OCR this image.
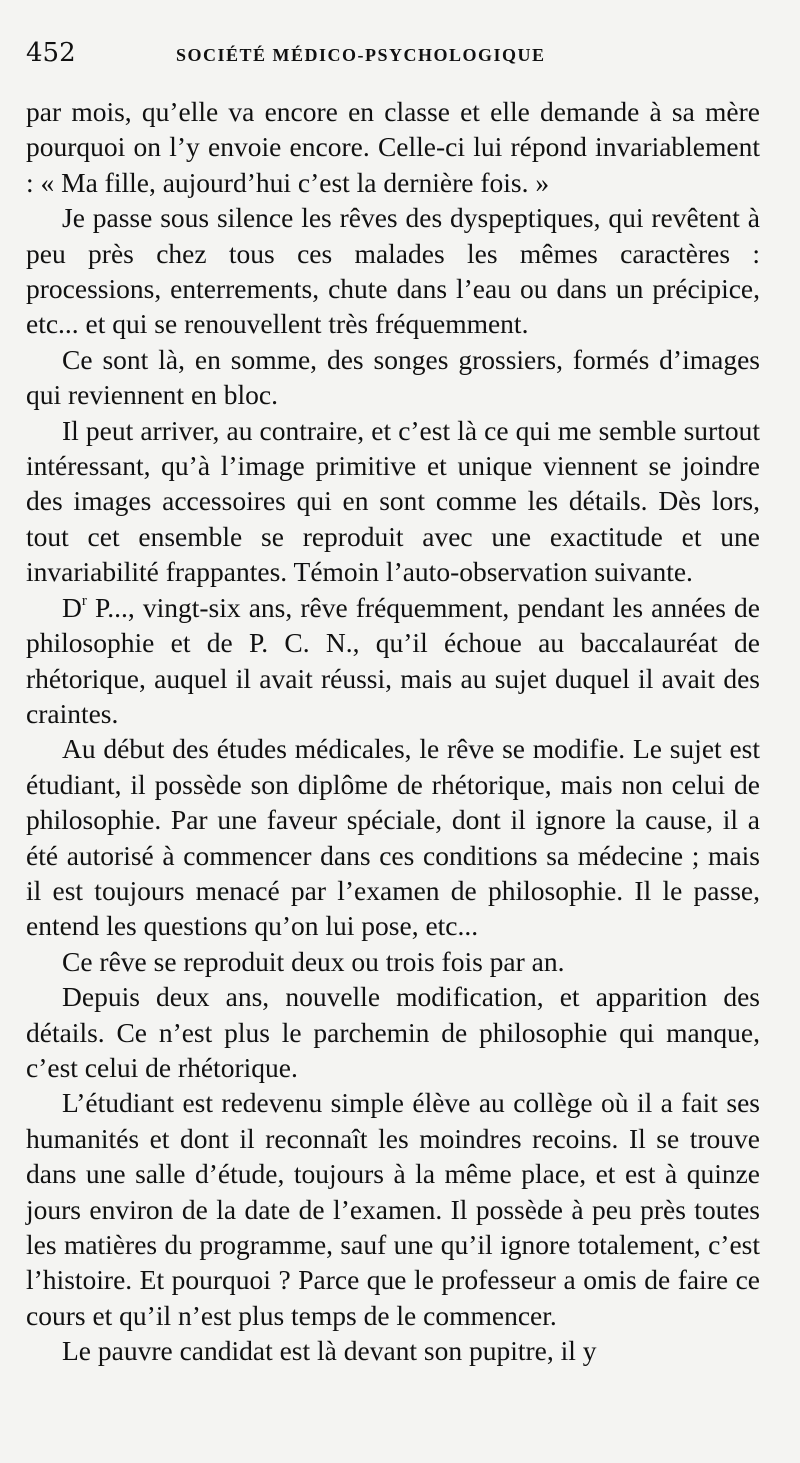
452	SOCIÉTÉ MÉDICO-PSYCHOLOGIQUE

par mois, qu’elle va encore en classe et elle demande à sa mère pourquoi on l’y envoie encore. Celle-ci lui répond invariablement : « Ma fille, aujourd’hui c’est la dernière fois. »

Je passe sous silence les rêves des dyspeptiques, qui revêtent à peu près chez tous ces malades les mêmes caractères : processions, enterrements, chute dans l’eau ou dans un précipice, etc... et qui se renouvellent très fréquemment.

Ce sont là, en somme, des songes grossiers, formés d’images qui reviennent en bloc.

Il peut arriver, au contraire, et c’est là ce qui me semble surtout intéressant, qu’à l’image primitive et unique viennent se joindre des images accessoires qui en sont comme les détails. Dès lors, tout cet ensemble se reproduit avec une exactitude et une invariabilité frappantes. Témoin l’auto-observation suivante.

$D^r$ P..., vingt-six ans, rêve fréquemment, pendant les années de philosophie et de P. C. N., qu’il échoue au baccalauréat de rhétorique, auquel il avait réussi, mais au sujet duquel il avait des craintes.

Au début des études médicales, le rêve se modifie. Le sujet est étudiant, il possède son diplôme de rhétorique, mais non celui de philosophie. Par une faveur spéciale, dont il ignore la cause, il a été autorisé à commencer dans ces conditions sa médecine ; mais il est toujours menacé par l’examen de philosophie. Il le passe, entend les questions qu’on lui pose, etc...

Ce rêve se reproduit deux ou trois fois par an.

Depuis deux ans, nouvelle modification, et apparition des détails. Ce n’est plus le parchemin de philosophie qui manque, c’est celui de rhétorique.

L’étudiant est redevenu simple élève au collège où il a fait ses humanités et dont il reconnaît les moindres recoins. Il se trouve dans une salle d’étude, toujours à la même place, et est à quinze jours environ de la date de l’examen. Il possède à peu près toutes les matières du programme, sauf une qu’il ignore totalement, c’est l’histoire. Et pourquoi ? Parce que le professeur a omis de faire ce cours et qu’il n’est plus temps de le commencer.

Le pauvre candidat est là devant son pupitre, il y
